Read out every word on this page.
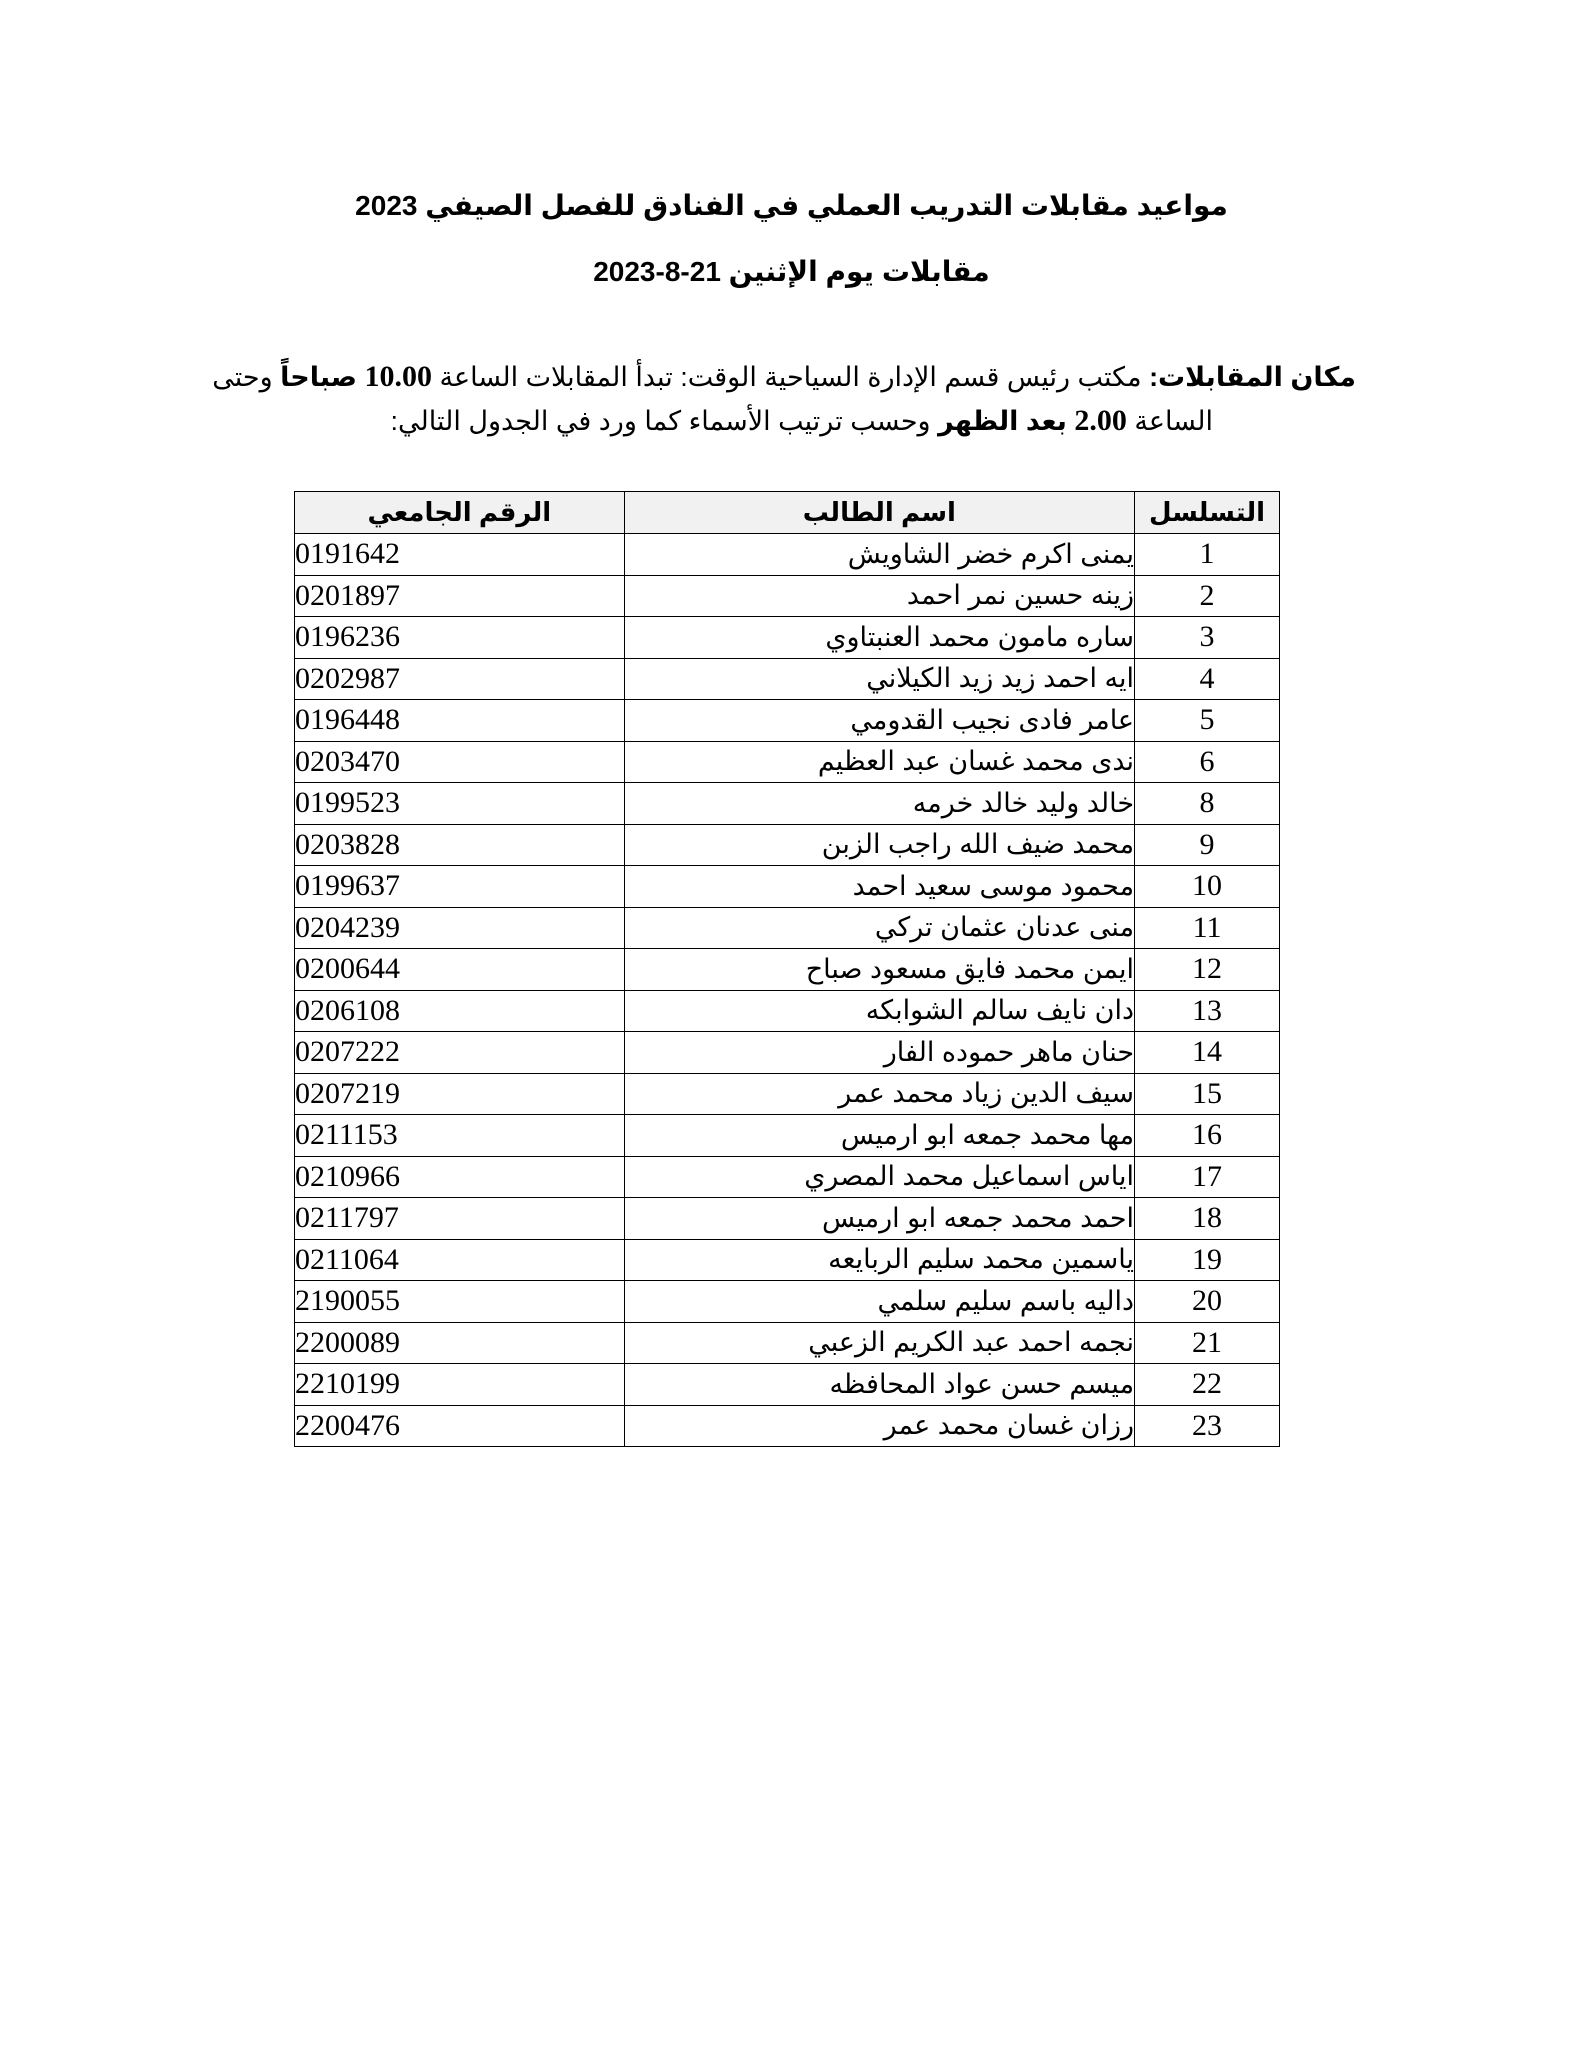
مواعيد مقابلات التدريب العملي في الفنادق للفصل الصيفي 2023
مقابلات يوم الإثنين 21-8-2023
مكان المقابلات: مكتب رئيس قسم الإدارة السياحية الوقت: تبدأ المقابلات الساعة 10.00 صباحاً وحتى
الساعة 2.00 بعد الظهر وحسب ترتيب الأسماء كما ورد في الجدول التالي:
التسلسل	اسم الطالب	الرقم الجامعي
1	يمنى اكرم خضر الشاويش	0191642
2	زينه حسين نمر احمد	0201897
3	ساره مامون محمد العنبتاوي	0196236
4	ايه احمد زيد زيد الكيلاني	0202987
5	عامر فادى نجيب القدومي	0196448
6	ندى محمد غسان عبد العظيم	0203470
8	خالد وليد خالد خرمه	0199523
9	محمد ضيف الله راجب الزبن	0203828
10	محمود موسى سعيد احمد	0199637
11	منى عدنان عثمان تركي	0204239
12	ايمن محمد فايق مسعود صباح	0200644
13	دان نايف سالم الشوابكه	0206108
14	حنان ماهر حموده الفار	0207222
15	سيف الدين زياد محمد عمر	0207219
16	مها محمد جمعه ابو ارميس	0211153
17	اياس اسماعيل محمد المصري	0210966
18	احمد محمد جمعه ابو ارميس	0211797
19	ياسمين محمد سليم الربايعه	0211064
20	داليه باسم سليم سلمي	2190055
21	نجمه احمد عبد الكريم الزعبي	2200089
22	ميسم حسن عواد المحافظه	2210199
23	رزان غسان محمد عمر	2200476
